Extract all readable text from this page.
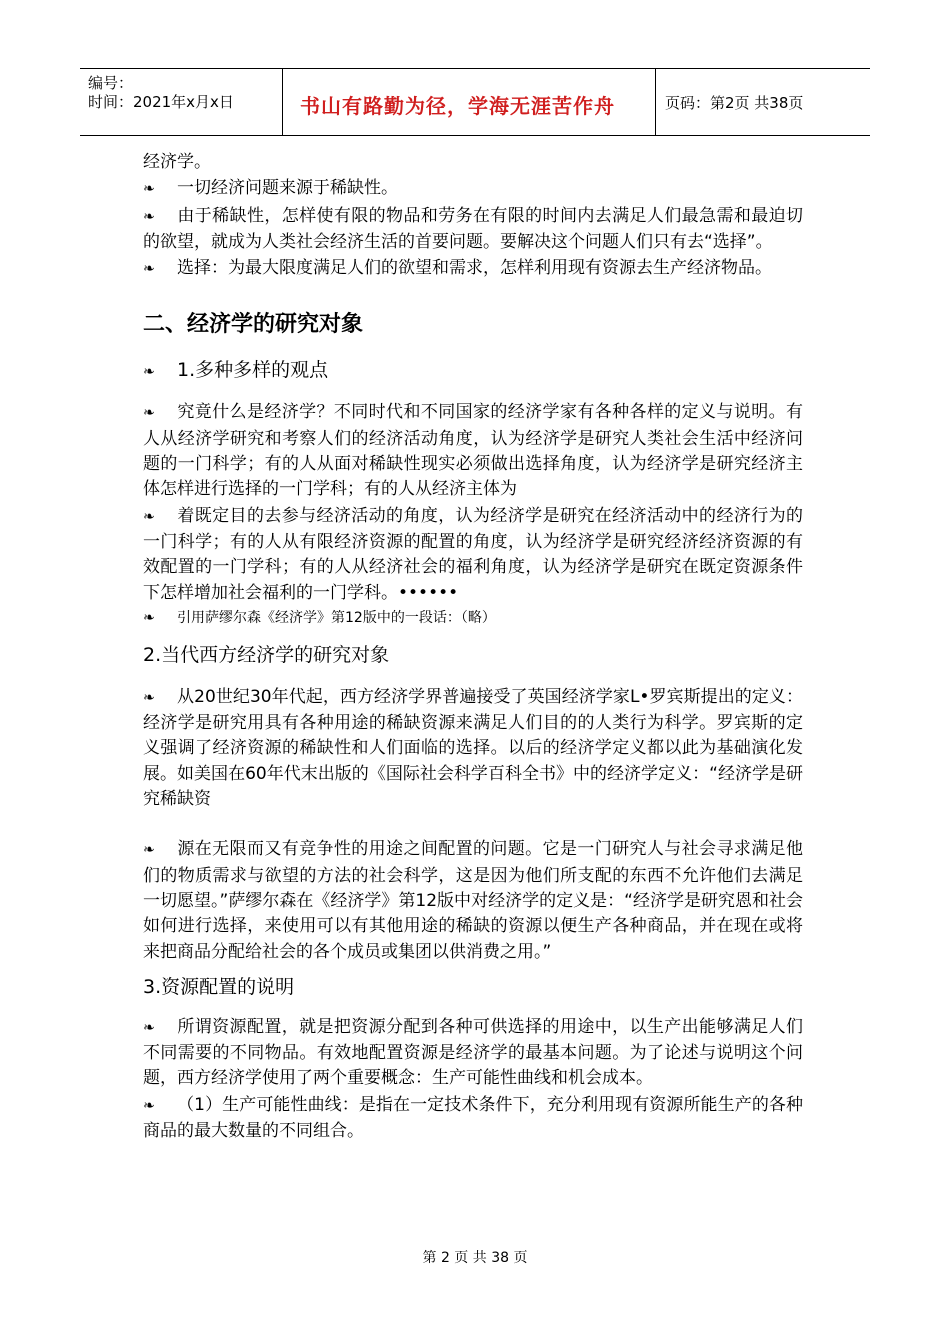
编号：
时间：2021年x月x日	书山有路勤为径，学海无涯苦作舟	页码：第2页 共38页

经济学。

❧ 一切经济问题来源于稀缺性。

❧ 由于稀缺性，怎样使有限的物品和劳务在有限的时间内去满足人们最急需和最迫切的欲望，就成为人类社会经济生活的首要问题。要解决这个问题人们只有去“选择”。

❧ 选择：为最大限度满足人们的欲望和需求，怎样利用现有资源去生产经济物品。

二、经济学的研究对象

❧ 1.多种多样的观点

❧ 究竟什么是经济学？不同时代和不同国家的经济学家有各种各样的定义与说明。有人从经济学研究和考察人们的经济活动角度，认为经济学是研究人类社会生活中经济问题的一门科学；有的人从面对稀缺性现实必须做出选择角度，认为经济学是研究经济主体怎样进行选择的一门学科；有的人从经济主体为

❧ 着既定目的去参与经济活动的角度，认为经济学是研究在经济活动中的经济行为的一门科学；有的人从有限经济资源的配置的角度，认为经济学是研究经济经济资源的有效配置的一门学科；有的人从经济社会的福利角度，认为经济学是研究在既定资源条件下怎样增加社会福利的一门学科。••••••

❧ 引用萨缪尔森《经济学》第12版中的一段话：（略）

2.当代西方经济学的研究对象

❧ 从20世纪30年代起，西方经济学界普遍接受了英国经济学家L•罗宾斯提出的定义：经济学是研究用具有各种用途的稀缺资源来满足人们目的的人类行为科学。罗宾斯的定义强调了经济资源的稀缺性和人们面临的选择。以后的经济学定义都以此为基础演化发展。如美国在60年代末出版的《国际社会科学百科全书》中的经济学定义：“经济学是研究稀缺资

❧ 源在无限而又有竞争性的用途之间配置的问题。它是一门研究人与社会寻求满足他们的物质需求与欲望的方法的社会科学，这是因为他们所支配的东西不允许他们去满足一切愿望。”萨缪尔森在《经济学》第12版中对经济学的定义是：“经济学是研究恩和社会如何进行选择，来使用可以有其他用途的稀缺的资源以便生产各种商品，并在现在或将来把商品分配给社会的各个成员或集团以供消费之用。”

3.资源配置的说明

❧ 所谓资源配置，就是把资源分配到各种可供选择的用途中，以生产出能够满足人们不同需要的不同物品。有效地配置资源是经济学的最基本问题。为了论述与说明这个问题，西方经济学使用了两个重要概念：生产可能性曲线和机会成本。

❧ （1）生产可能性曲线：是指在一定技术条件下，充分利用现有资源所能生产的各种商品的最大数量的不同组合。

第 2 页 共 38 页
